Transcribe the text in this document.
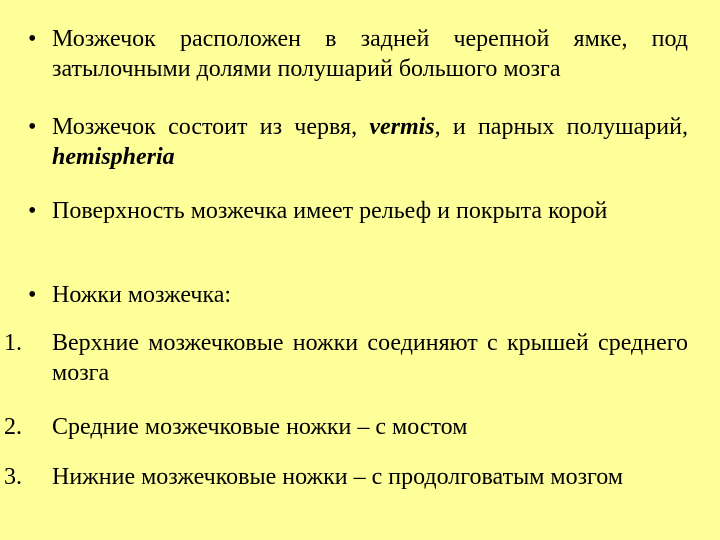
• Мозжечок расположен в задней черепной ямке, под затылочными долями полушарий большого мозга
• Мозжечок состоит из червя, vermis, и парных полушарий, hemispheria
• Поверхность мозжечка имеет рельеф и покрыта корой
• Ножки мозжечка:
1. Верхние мозжечковые ножки соединяют с крышей среднего мозга
2. Средние мозжечковые ножки – с мостом
3. Нижние мозжечковые ножки – с продолговатым мозгом
